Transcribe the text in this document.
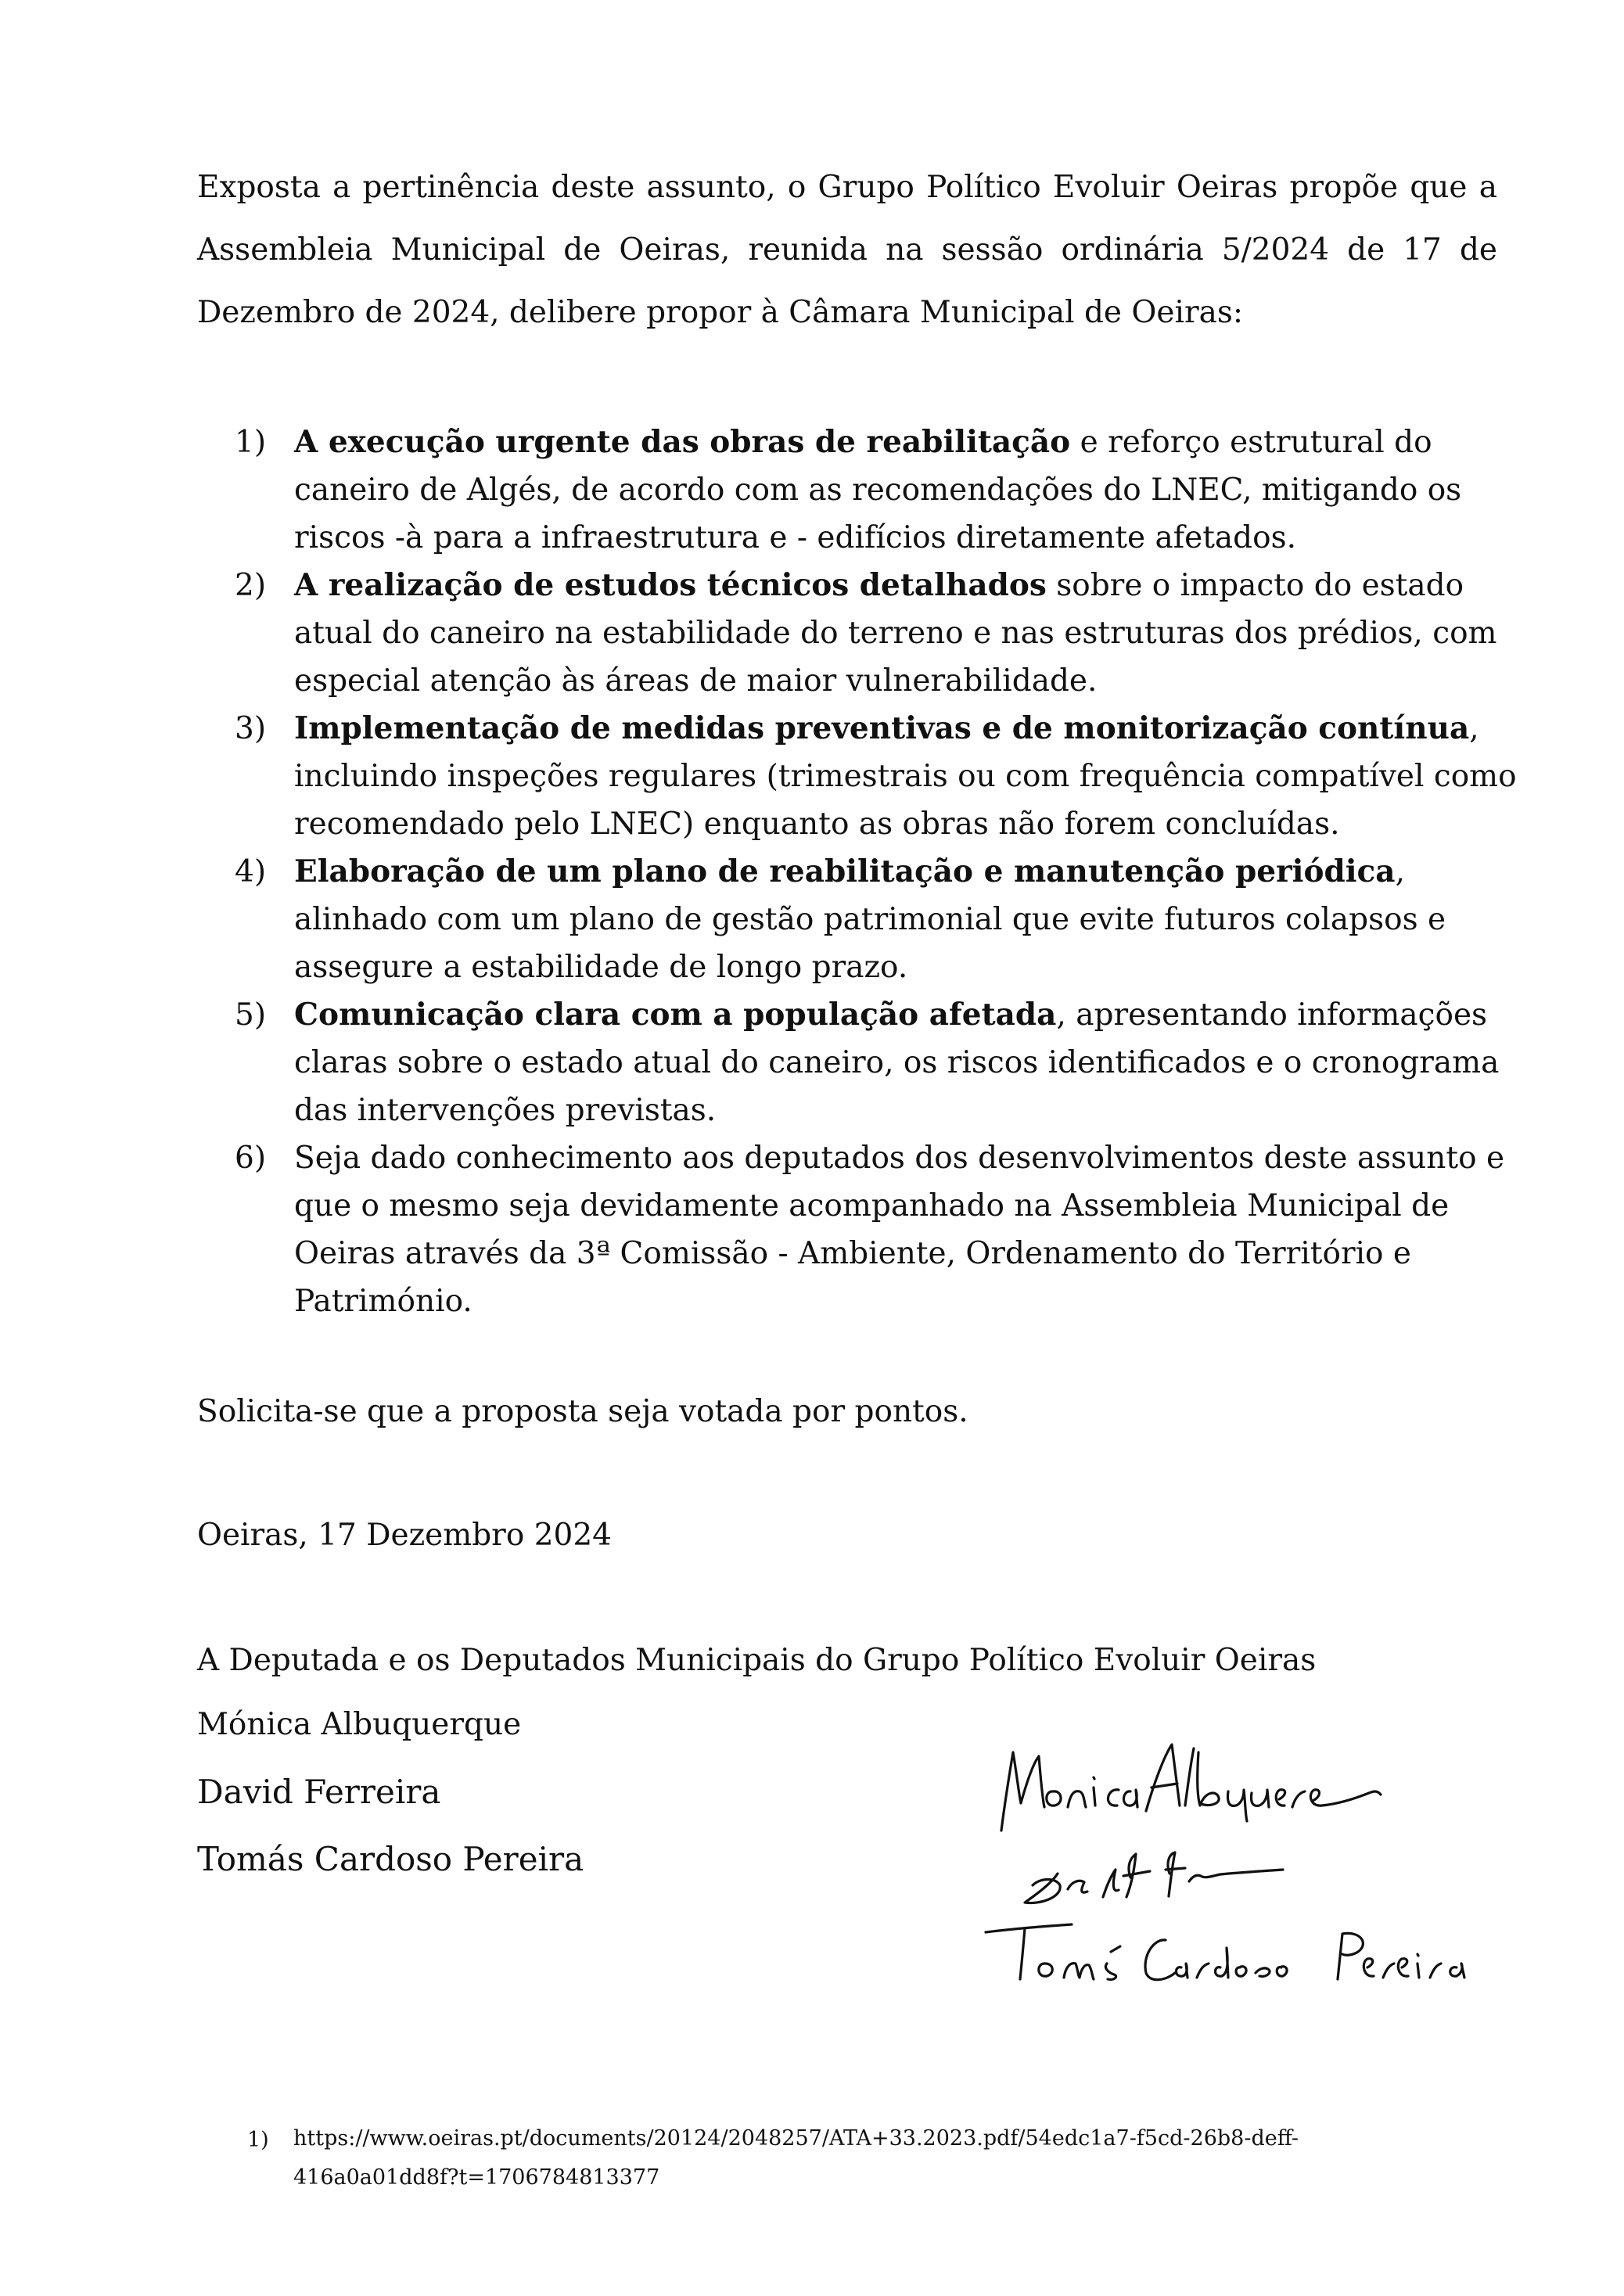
Exposta a pertinência deste assunto, o Grupo Político Evoluir Oeiras propõe que a Assembleia Municipal de Oeiras, reunida na sessão ordinária 5/2024 de 17 de Dezembro de 2024, delibere propor à Câmara Municipal de Oeiras:

1) A execução urgente das obras de reabilitação e reforço estrutural do caneiro de Algés, de acordo com as recomendações do LNEC, mitigando os riscos -à para a infraestrutura e - edifícios diretamente afetados.
2) A realização de estudos técnicos detalhados sobre o impacto do estado atual do caneiro na estabilidade do terreno e nas estruturas dos prédios, com especial atenção às áreas de maior vulnerabilidade.
3) Implementação de medidas preventivas e de monitorização contínua, incluindo inspeções regulares (trimestrais ou com frequência compatível como recomendado pelo LNEC) enquanto as obras não forem concluídas.
4) Elaboração de um plano de reabilitação e manutenção periódica, alinhado com um plano de gestão patrimonial que evite futuros colapsos e assegure a estabilidade de longo prazo.
5) Comunicação clara com a população afetada, apresentando informações claras sobre o estado atual do caneiro, os riscos identificados e o cronograma das intervenções previstas.
6) Seja dado conhecimento aos deputados dos desenvolvimentos deste assunto e que o mesmo seja devidamente acompanhado na Assembleia Municipal de Oeiras através da 3ª Comissão - Ambiente, Ordenamento do Território e Património.
Solicita-se que a proposta seja votada por pontos.
Oeiras, 17 Dezembro 2024
A Deputada e os Deputados Municipais do Grupo Político Evoluir Oeiras
Mónica Albuquerque
David Ferreira
Tomás Cardoso Pereira
1) https://www.oeiras.pt/documents/20124/2048257/ATA+33.2023.pdf/54edc1a7-f5cd-26b8-deff-
416a0a01dd8f?t=1706784813377
